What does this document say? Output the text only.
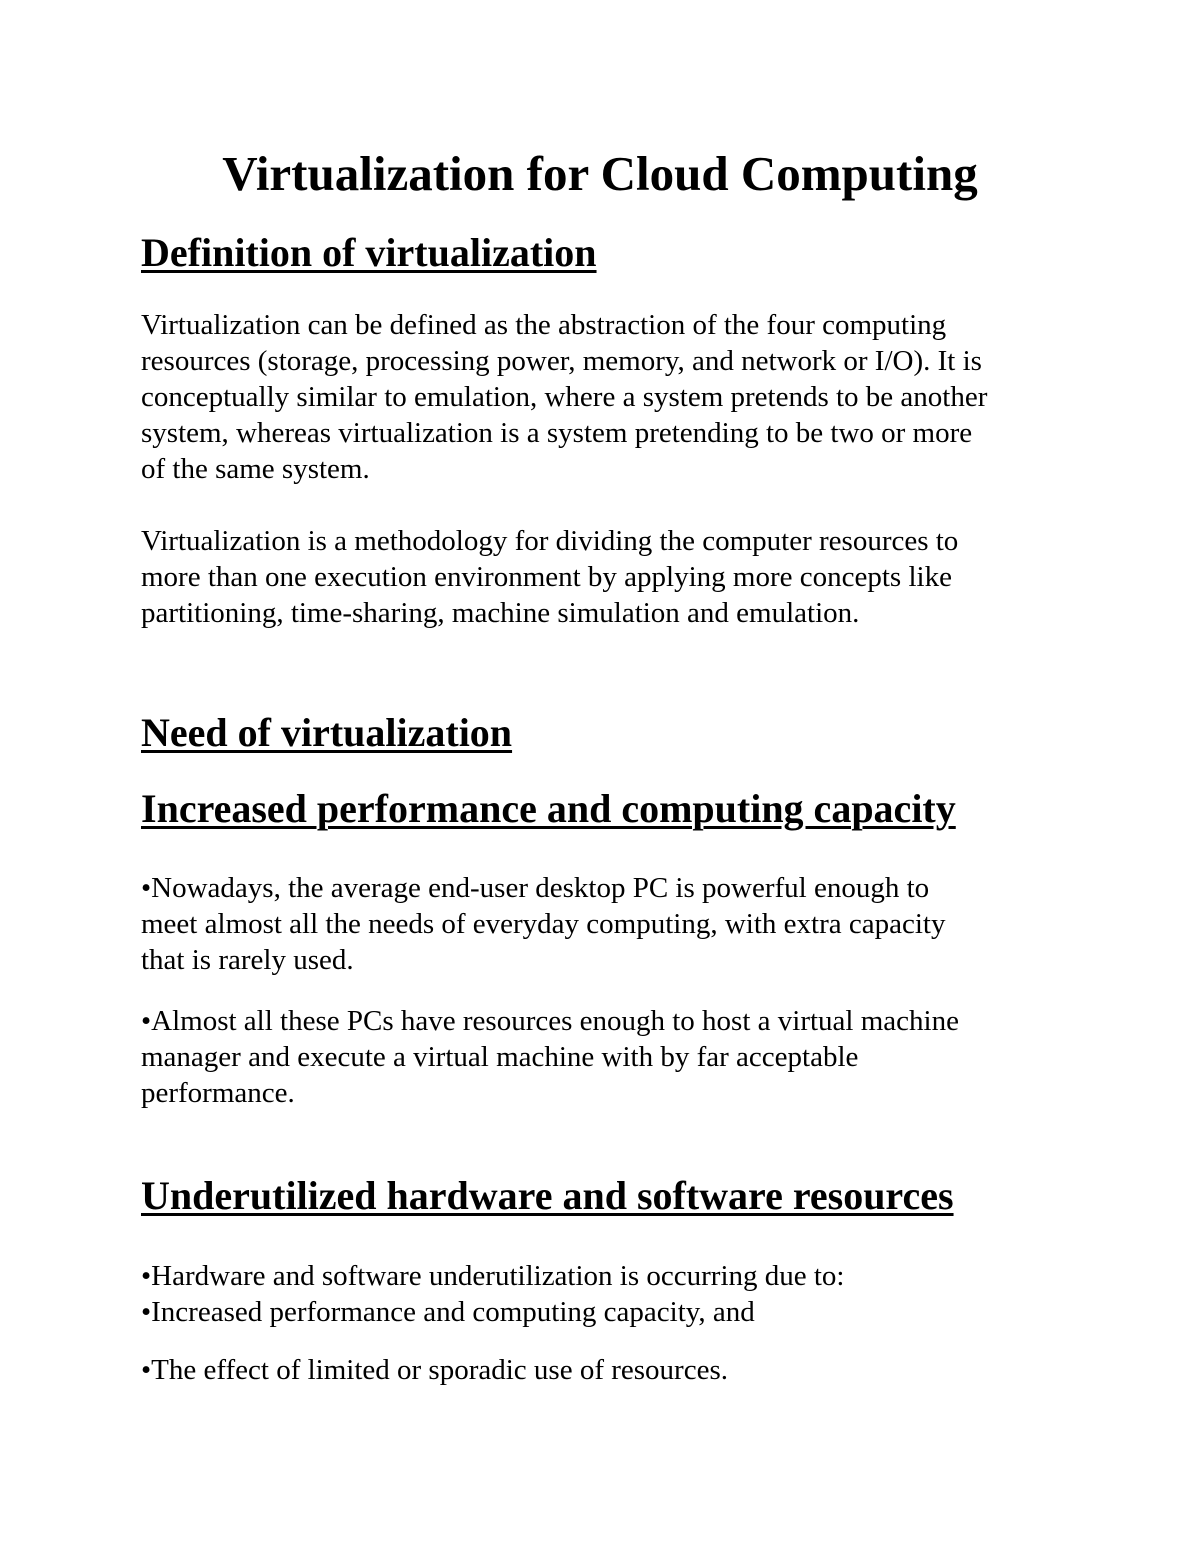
Virtualization for Cloud Computing
Definition of virtualization

Virtualization can be defined as the abstraction of the four computing
resources (storage, processing power, memory, and network or I/O). It is
conceptually similar to emulation, where a system pretends to be another
system, whereas virtualization is a system pretending to be two or more
of the same system.

Virtualization is a methodology for dividing the computer resources to
more than one execution environment by applying more concepts like
partitioning, time-sharing, machine simulation and emulation.

Need of virtualization
Increased performance and computing capacity

•Nowadays, the average end-user desktop PC is powerful enough to
meet almost all the needs of everyday computing, with extra capacity
that is rarely used.

•Almost all these PCs have resources enough to host a virtual machine
manager and execute a virtual machine with by far acceptable
performance.

Underutilized hardware and software resources

•Hardware and software underutilization is occurring due to:
•Increased performance and computing capacity, and

•The effect of limited or sporadic use of resources.
